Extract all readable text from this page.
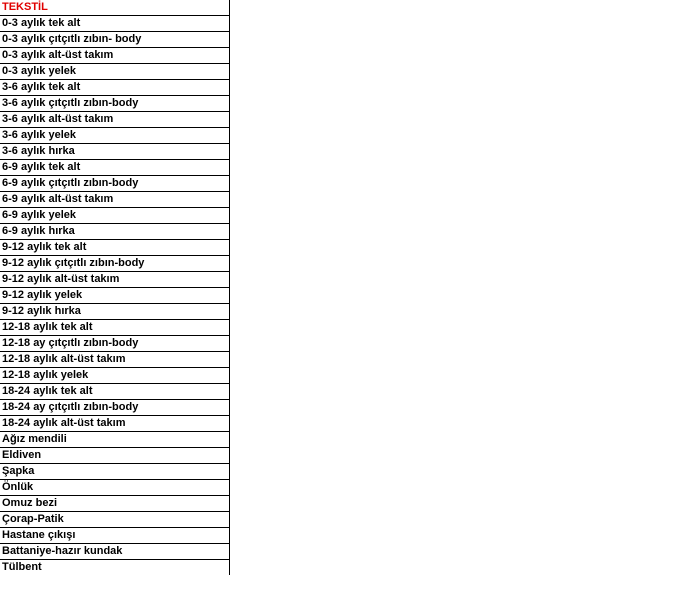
TEKSTİL
0-3 aylık tek alt
0-3 aylık çıtçıtlı zıbın- body
0-3 aylık alt-üst takım
0-3 aylık yelek
3-6 aylık tek alt
3-6 aylık çıtçıtlı zıbın-body
3-6 aylık alt-üst takım
3-6 aylık yelek
3-6 aylık hırka
6-9 aylık tek alt
6-9 aylık çıtçıtlı zıbın-body
6-9 aylık alt-üst takım
6-9 aylık yelek
6-9 aylık hırka
9-12 aylık tek alt
9-12 aylık çıtçıtlı zıbın-body
9-12 aylık alt-üst takım
9-12 aylık yelek
9-12 aylık hırka
12-18 aylık tek alt
12-18 ay çıtçıtlı zıbın-body
12-18 aylık alt-üst takım
12-18 aylık yelek
18-24 aylık tek alt
18-24 ay çıtçıtlı zıbın-body
18-24 aylık alt-üst takım
Ağız mendili
Eldiven
Şapka
Önlük
Omuz bezi
Çorap-Patik
Hastane çıkışı
Battaniye-hazır kundak
Tülbent
